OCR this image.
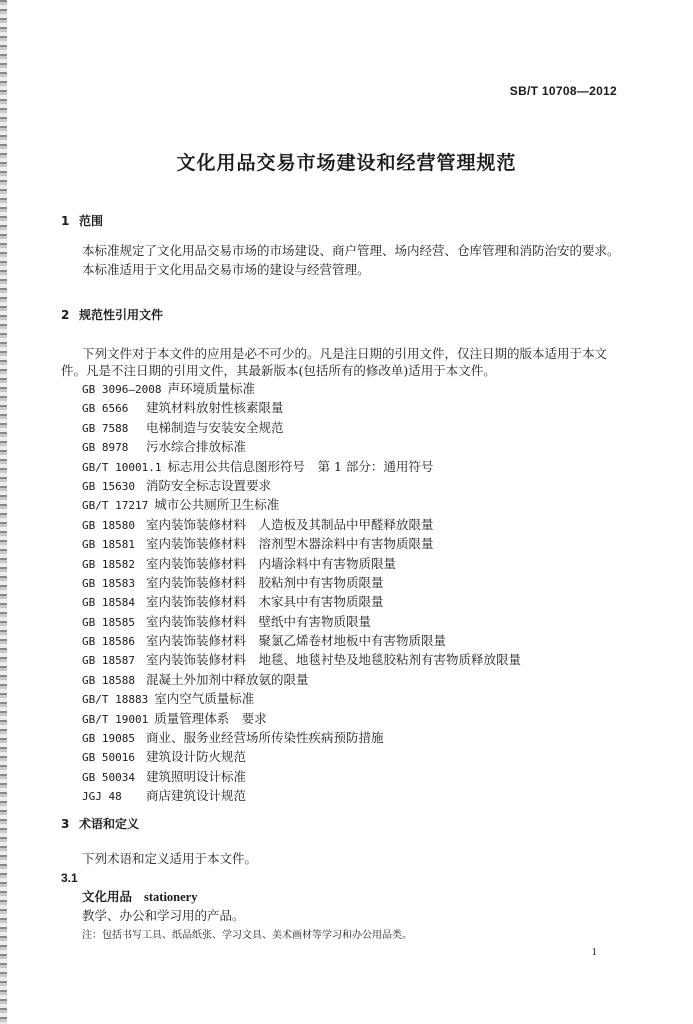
SB/T 10708—2012
文化用品交易市场建设和经营管理规范
1 范围
本标准规定了文化用品交易市场的市场建设、商户管理、场内经营、仓库管理和消防治安的要求。
本标准适用于文化用品交易市场的建设与经营管理。
2 规范性引用文件
下列文件对于本文件的应用是必不可少的。凡是注日期的引用文件，仅注日期的版本适用于本文
件。凡是不注日期的引用文件，其最新版本(包括所有的修改单)适用于本文件。
GB 3096—2008 声环境质量标准
GB 6566 建筑材料放射性核素限量
GB 7588 电梯制造与安装安全规范
GB 8978 污水综合排放标准
GB/T 10001.1 标志用公共信息图形符号　第 1 部分：通用符号
GB 15630 消防安全标志设置要求
GB/T 17217 城市公共厕所卫生标准
GB 18580 室内装饰装修材料　人造板及其制品中甲醛释放限量
GB 18581 室内装饰装修材料　溶剂型木器涂料中有害物质限量
GB 18582 室内装饰装修材料　内墙涂料中有害物质限量
GB 18583 室内装饰装修材料　胶粘剂中有害物质限量
GB 18584 室内装饰装修材料　木家具中有害物质限量
GB 18585 室内装饰装修材料　壁纸中有害物质限量
GB 18586 室内装饰装修材料　聚氯乙烯卷材地板中有害物质限量
GB 18587 室内装饰装修材料　地毯、地毯衬垫及地毯胶粘剂有害物质释放限量
GB 18588 混凝土外加剂中释放氨的限量
GB/T 18883 室内空气质量标准
GB/T 19001 质量管理体系　要求
GB 19085 商业、服务业经营场所传染性疾病预防措施
GB 50016 建筑设计防火规范
GB 50034 建筑照明设计标准
JGJ 48 商店建筑设计规范
3 术语和定义
下列术语和定义适用于本文件。
3.1
文化用品 stationery
教学、办公和学习用的产品。
注：包括书写工具、纸品纸张、学习文具、美术画材等学习和办公用品类。
1
